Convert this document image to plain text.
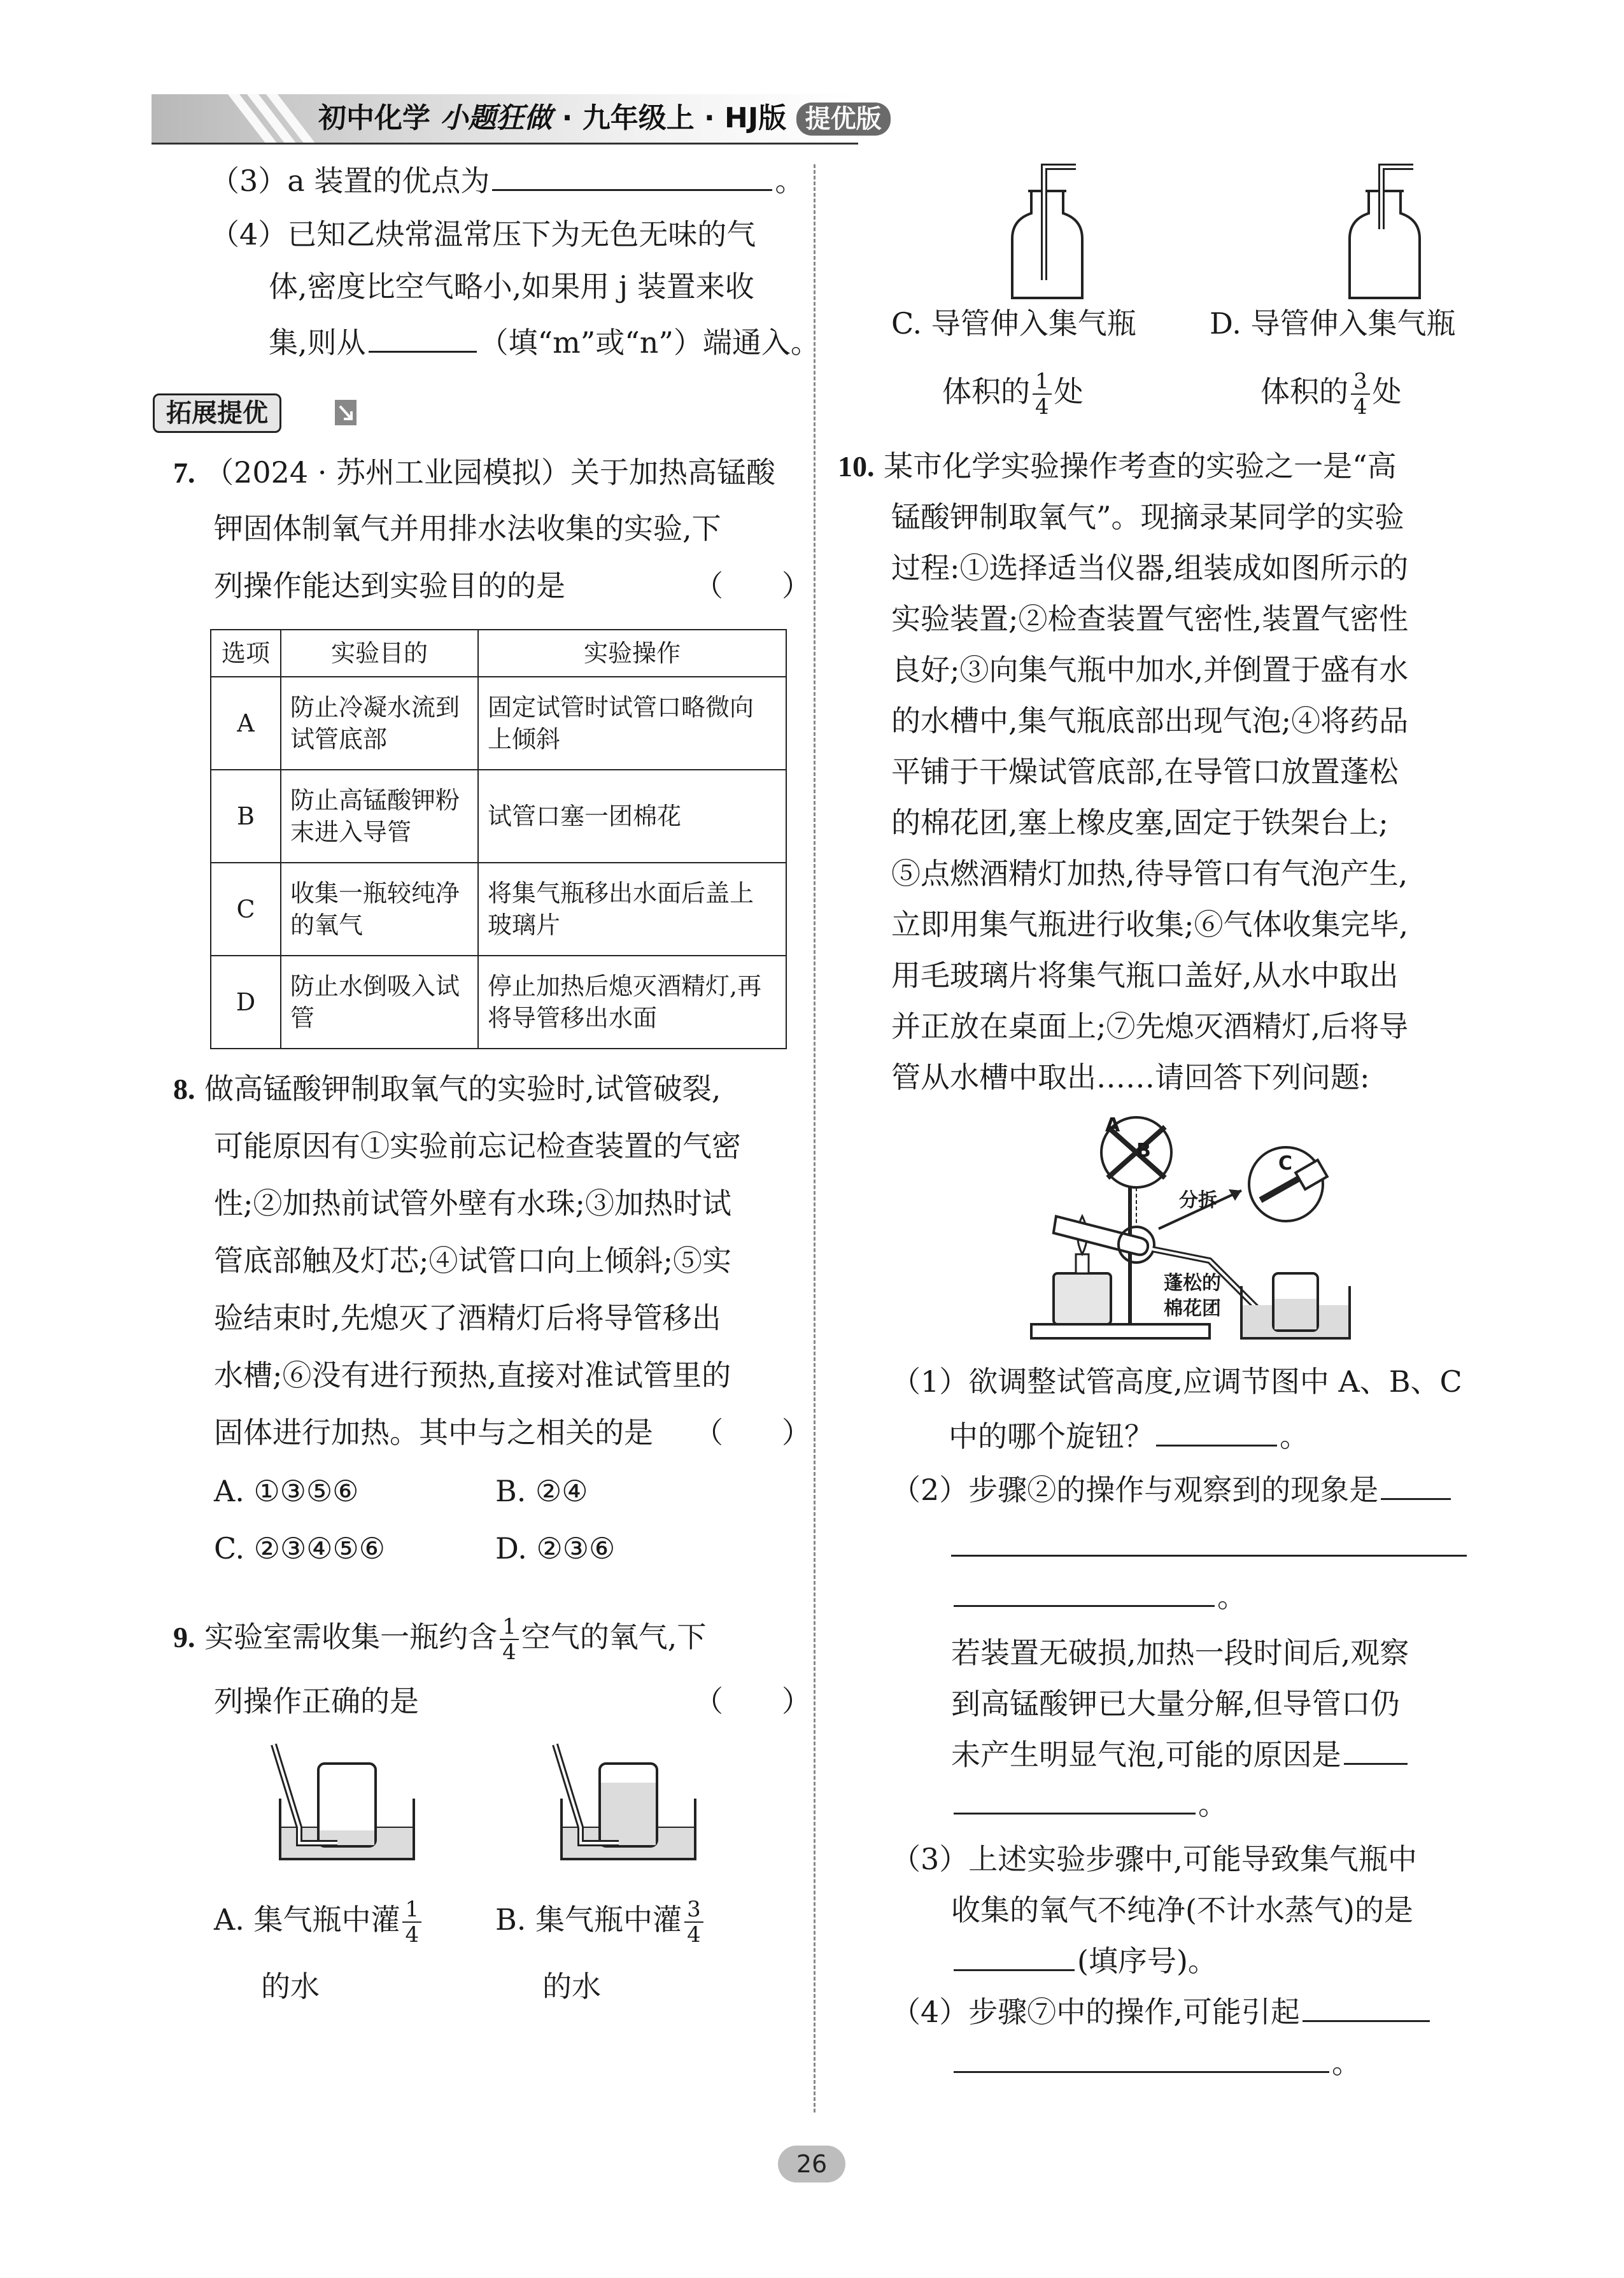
初中化学 小题狂做 · 九年级上 · HJ版 提优版
（3）a 装置的优点为	。
（4）已知乙炔常温常压下为无色无味的气
体,密度比空气略小,如果用 j 装置来收
集,则从	（填“m”或“n”）端通入。
拓展提优
7. （2024 · 苏州工业园模拟）关于加热高锰酸
钾固体制氧气并用排水法收集的实验,下
列操作能达到实验目的的是	（　　）
选项	实验目的	实验操作
A	防止冷凝水流到试管底部	固定试管时试管口略微向上倾斜
B	防止高锰酸钾粉末进入导管	试管口塞一团棉花
C	收集一瓶较纯净的氧气	将集气瓶移出水面后盖上玻璃片
D	防止水倒吸入试管	停止加热后熄灭酒精灯,再将导管移出水面
8. 做高锰酸钾制取氧气的实验时,试管破裂,
可能原因有①实验前忘记检查装置的气密
性;②加热前试管外壁有水珠;③加热时试
管底部触及灯芯;④试管口向上倾斜;⑤实
验结束时,先熄灭了酒精灯后将导管移出
水槽;⑥没有进行预热,直接对准试管里的
固体进行加热。其中与之相关的是 （　　）
A. ①③⑤⑥	B. ②④
C. ②③④⑤⑥	D. ②③⑥
9. 实验室需收集一瓶约含 $\frac{1}{4}$ 空气的氧气,下
列操作正确的是	（　　）
A. 集气瓶中灌 $\frac{1}{4}$
的水
B. 集气瓶中灌 $\frac{3}{4}$
的水
C. 导管伸入集气瓶
体积的 $\frac{1}{4}$ 处
D. 导管伸入集气瓶
体积的 $\frac{3}{4}$ 处
10. 某市化学实验操作考查的实验之一是“高
锰酸钾制取氧气”。现摘录某同学的实验
过程:①选择适当仪器,组装成如图所示的
实验装置;②检查装置气密性,装置气密性
良好;③向集气瓶中加水,并倒置于盛有水
的水槽中,集气瓶底部出现气泡;④将药品
平铺于干燥试管底部,在导管口放置蓬松
的棉花团,塞上橡皮塞,固定于铁架台上;
⑤点燃酒精灯加热,待导管口有气泡产生,
立即用集气瓶进行收集;⑥气体收集完毕,
用毛玻璃片将集气瓶口盖好,从水中取出
并正放在桌面上;⑦先熄灭酒精灯,后将导
管从水槽中取出……请回答下列问题:
A
B
C
分拆
蓬松的
棉花团
（1）欲调整试管高度,应调节图中 A、B、C
中的哪个旋钮？	。
（2）步骤②的操作与观察到的现象是
。
若装置无破损,加热一段时间后,观察
到高锰酸钾已大量分解,但导管口仍
未产生明显气泡,可能的原因是
。
（3）上述实验步骤中,可能导致集气瓶中
收集的氧气不纯净(不计水蒸气)的是
(填序号)。
（4）步骤⑦中的操作,可能引起
。
26
